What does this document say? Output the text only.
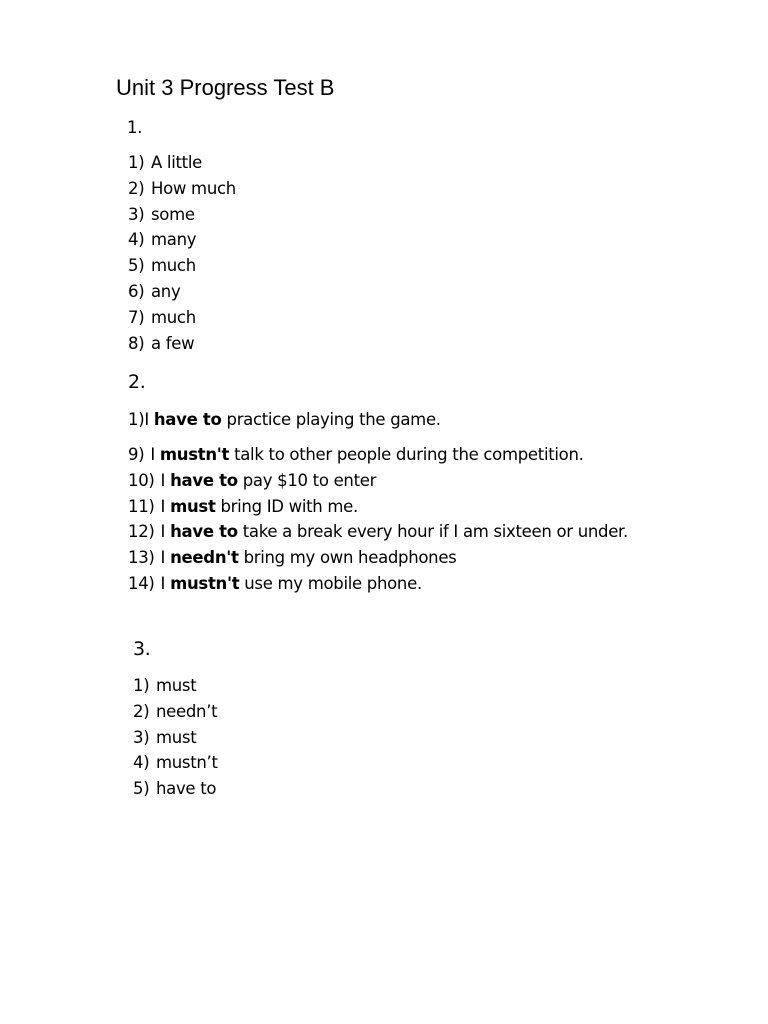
Unit 3 Progress Test B
1.
1) A little
2) How much
3) some
4) many
5) much
6) any
7) much
8) a few
2.

1)I have to practice playing the game.

9) I mustn't talk to other people during the competition.
10) I have to pay $10 to enter
11) I must bring ID with me.
12) I have to take a break every hour if I am sixteen or under.
13) I needn't bring my own headphones
14) I mustn't use my mobile phone.
3.
1) must
2) needn’t
3) must
4) mustn’t
5) have to
